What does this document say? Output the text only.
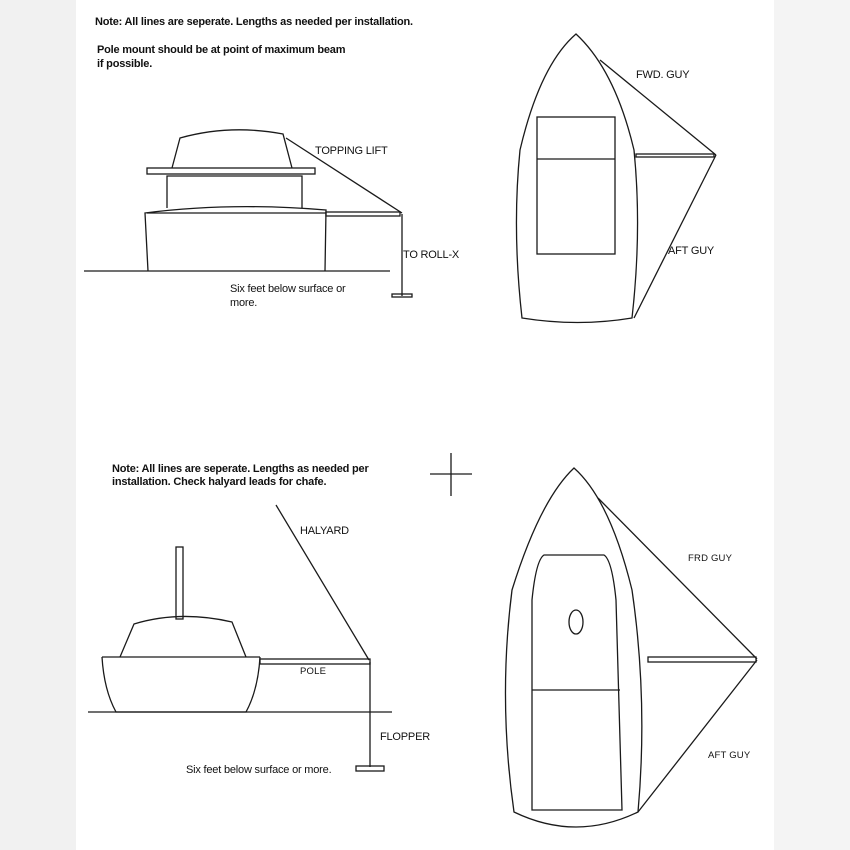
Note: All lines are seperate. Lengths as needed per installation.
Pole mount should be at point of maximum beam
if possible.
TOPPING LIFT
TO ROLL-X
Six feet below surface or
more.
FWD. GUY
AFT GUY
Note: All lines are seperate. Lengths as needed per
installation. Check halyard leads for chafe.
HALYARD
POLE
FLOPPER
Six feet below surface or more.
FRD GUY
AFT GUY
